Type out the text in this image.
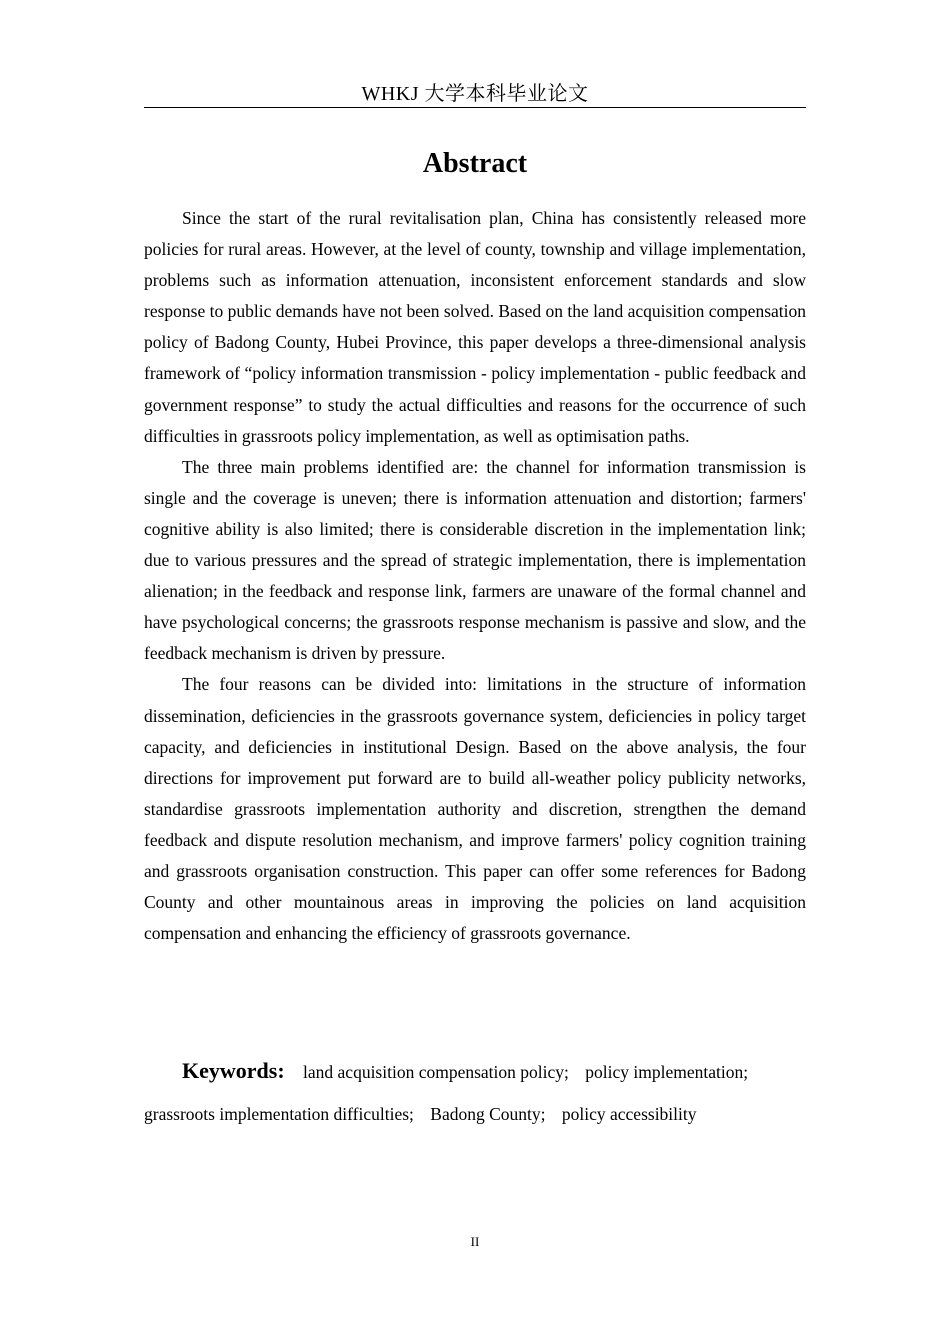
WHKJ 大学本科毕业论文
Abstract

Since the start of the rural revitalisation plan, China has consistently released more policies for rural areas. However, at the level of county, township and village implementation, problems such as information attenuation, inconsistent enforcement standards and slow response to public demands have not been solved. Based on the land acquisition compensation policy of Badong County, Hubei Province, this paper develops a three-dimensional analysis framework of “policy information transmission - policy implementation - public feedback and government response” to study the actual difficulties and reasons for the occurrence of such difficulties in grassroots policy implementation, as well as optimisation paths.

The three main problems identified are: the channel for information transmission is single and the coverage is uneven; there is information attenuation and distortion; farmers' cognitive ability is also limited; there is considerable discretion in the implementation link; due to various pressures and the spread of strategic implementation, there is implementation alienation; in the feedback and response link, farmers are unaware of the formal channel and have psychological concerns; the grassroots response mechanism is passive and slow, and the feedback mechanism is driven by pressure.

The four reasons can be divided into: limitations in the structure of information dissemination, deficiencies in the grassroots governance system, deficiencies in policy target capacity, and deficiencies in institutional Design. Based on the above analysis, the four directions for improvement put forward are to build all-weather policy publicity networks, standardise grassroots implementation authority and discretion, strengthen the demand feedback and dispute resolution mechanism, and improve farmers' policy cognition training and grassroots organisation construction. This paper can offer some references for Badong County and other mountainous areas in improving the policies on land acquisition compensation and enhancing the efficiency of grassroots governance.

Keywords: land acquisition compensation policy; policy implementation; grassroots implementation difficulties; Badong County; policy accessibility
II
